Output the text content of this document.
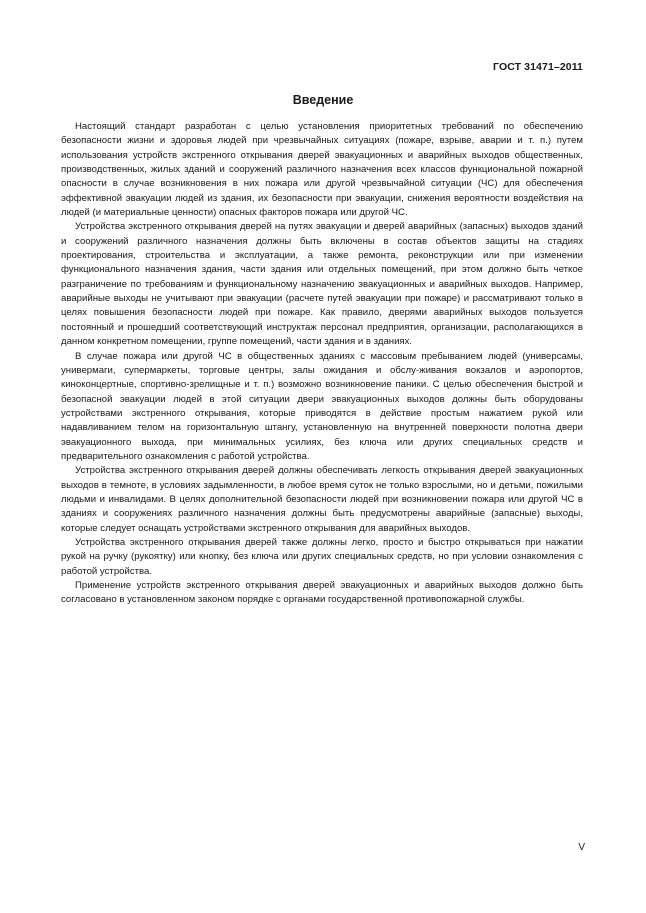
ГОСТ 31471–2011
Введение

Настоящий стандарт разработан с целью установления приоритетных требований по обеспечению безопасности жизни и здоровья людей при чрезвычайных ситуациях (пожаре, взрыве, аварии и т. п.) путем использования устройств экстренного открывания дверей эвакуационных и аварийных выходов общественных, производственных, жилых зданий и сооружений различного назначения всех классов функциональной пожарной опасности в случае возникновения в них пожара или другой чрезвычайной ситуации (ЧС) для обеспечения эффективной эвакуации людей из здания, их безопасности при эвакуации, снижения вероятности воздействия на людей (и материальные ценности) опасных факторов пожара или другой ЧС.

Устройства экстренного открывания дверей на путях эвакуации и дверей аварийных (запасных) выходов зданий и сооружений различного назначения должны быть включены в состав объектов защиты на стадиях проектирования, строительства и эксплуатации, а также ремонта, реконструкции или при изменении функционального назначения здания, части здания или отдельных помещений, при этом должно быть четкое разграничение по требованиям и функциональному назначению эвакуационных и аварийных выходов. Например, аварийные выходы не учитывают при эвакуации (расчете путей эвакуации при пожаре) и рассматривают только в целях повышения безопасности людей при пожаре. Как правило, дверями аварийных выходов пользуется постоянный и прошедший соответствующий инструктаж персонал предприятия, организации, располагающихся в данном конкретном помещении, группе помещений, части здания и в зданиях.

В случае пожара или другой ЧС в общественных зданиях с массовым пребыванием людей (универсамы, универмаги, супермаркеты, торговые центры, залы ожидания и обслу-живания вокзалов и аэропортов, киноконцертные, спортивно-зрелищные и т. п.) возможно возникновение паники. С целью обеспечения быстрой и безопасной эвакуации людей в этой ситуации двери эвакуационных выходов должны быть оборудованы устройствами экстренного открывания, которые приводятся в действие простым нажатием рукой или надавливанием телом на горизонтальную штангу, установленную на внутренней поверхности полотна двери эвакуационного выхода, при минимальных усилиях, без ключа или других специальных средств и предварительного ознакомления с работой устройства.

Устройства экстренного открывания дверей должны обеспечивать легкость открывания дверей эвакуационных выходов в темноте, в условиях задымленности, в любое время суток не только взрослыми, но и детьми, пожилыми людьми и инвалидами. В целях дополнительной безопасности людей при возникновении пожара или другой ЧС в зданиях и сооружениях различного назначения должны быть предусмотрены аварийные (запасные) выходы, которые следует оснащать устройствами экстренного открывания для аварийных выходов.

Устройства экстренного открывания дверей также должны легко, просто и быстро открываться при нажатии рукой на ручку (рукоятку) или кнопку, без ключа или других специальных средств, но при условии ознакомления с работой устройства.

Применение устройств экстренного открывания дверей эвакуационных и аварийных выходов должно быть согласовано в установленном законом порядке с органами государственной противопожарной службы.

V
